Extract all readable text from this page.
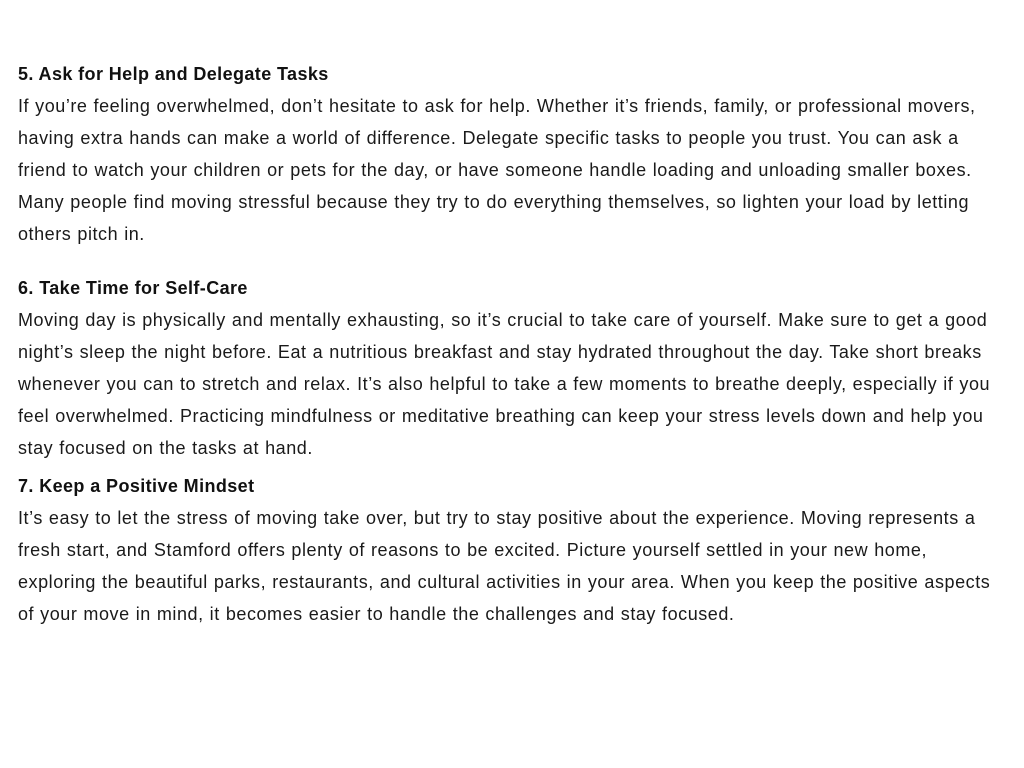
5. Ask for Help and Delegate Tasks

If you’re feeling overwhelmed, don’t hesitate to ask for help. Whether it’s friends, family, or professional movers, having extra hands can make a world of difference. Delegate specific tasks to people you trust. You can ask a friend to watch your children or pets for the day, or have someone handle loading and unloading smaller boxes. Many people find moving stressful because they try to do everything themselves, so lighten your load by letting others pitch in.

6. Take Time for Self-Care

Moving day is physically and mentally exhausting, so it’s crucial to take care of yourself. Make sure to get a good night’s sleep the night before. Eat a nutritious breakfast and stay hydrated throughout the day. Take short breaks whenever you can to stretch and relax. It’s also helpful to take a few moments to breathe deeply, especially if you feel overwhelmed. Practicing mindfulness or meditative breathing can keep your stress levels down and help you stay focused on the tasks at hand.

7. Keep a Positive Mindset

It’s easy to let the stress of moving take over, but try to stay positive about the experience. Moving represents a fresh start, and Stamford offers plenty of reasons to be excited. Picture yourself settled in your new home, exploring the beautiful parks, restaurants, and cultural activities in your area. When you keep the positive aspects of your move in mind, it becomes easier to handle the challenges and stay focused.
